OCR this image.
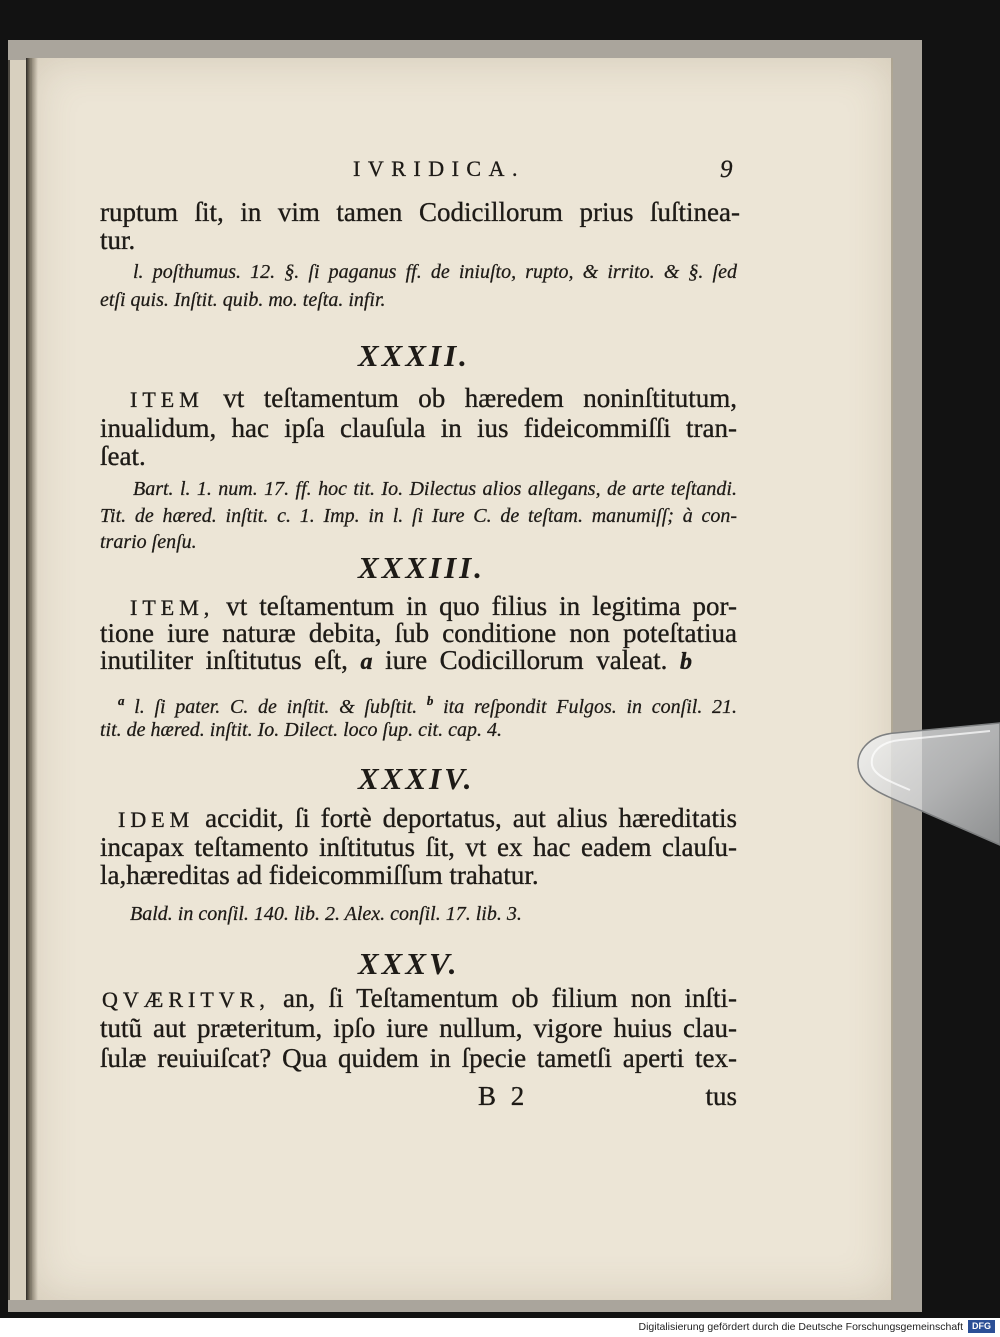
IVRIDICA.	9
ruptum ſit, in vim tamen Codicillorum prius ſuſtinea-
tur.
l. poſthumus. 12. §. ſi paganus ff. de iniuſto, rupto, & irrito. & §. ſed
etſi quis. Inſtit. quib. mo. teſta. infir.
XXXII.
ITEM vt teſtamentum ob hæredem noninſtitutum,
inualidum, hac ipſa clauſula in ius fideicommiſſi tran-
ſeat.
Bart. l. 1. num. 17. ff. hoc tit. Io. Dilectus alios allegans, de arte teſtandi.
Tit. de hæred. inſtit. c. 1. Imp. in l. ſi Iure C. de teſtam. manumiſſ; à con-
trario ſenſu.
XXXIII.
ITEM, vt teſtamentum in quo filius in legitima por-
tione iure naturæ debita, ſub conditione non poteſtatiua
inutiliter inſtitutus eſt, a iure Codicillorum valeat. b
$^a$ l. ſi pater. C. de inſtit. & ſubſtit. $^b$ ita reſpondit Fulgos. in conſil. 21.
tit. de hæred. inſtit. Io. Dilect. loco ſup. cit. cap. 4.
XXXIV.
IDEM accidit, ſi fortè deportatus, aut alius hæreditatis
incapax teſtamento inſtitutus ſit, vt ex hac eadem clauſu-
la,hæreditas ad fideicommiſſum trahatur.
Bald. in conſil. 140. lib. 2. Alex. conſil. 17. lib. 3.
XXXV.
QVÆRITVR, an, ſi Teſtamentum ob filium non inſti-
tutũ aut præteritum, ipſo iure nullum, vigore huius clau-
ſulæ reuiuiſcat? Qua quidem in ſpecie tametſi aperti tex-
B 2	tus
Digitalisierung gefördert durch die Deutsche Forschungsgemeinschaft DFG
